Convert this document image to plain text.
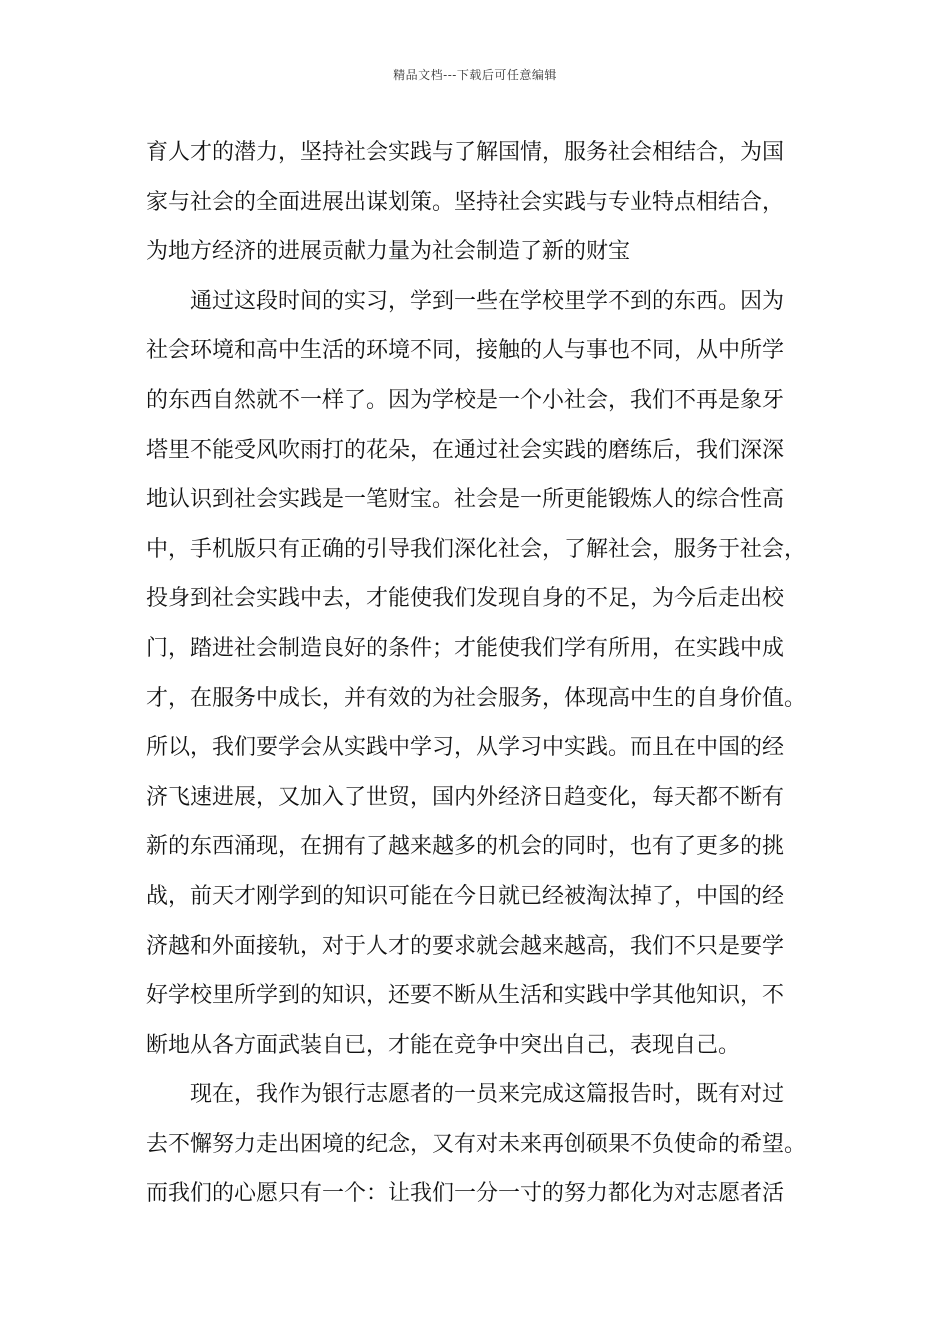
精品文档---下载后可任意编辑
育人才的潜力，坚持社会实践与了解国情，服务社会相结合，为国
家与社会的全面进展出谋划策。坚持社会实践与专业特点相结合，
为地方经济的进展贡献力量为社会制造了新的财宝
通过这段时间的实习，学到一些在学校里学不到的东西。因为
社会环境和高中生活的环境不同，接触的人与事也不同，从中所学
的东西自然就不一样了。因为学校是一个小社会，我们不再是象牙
塔里不能受风吹雨打的花朵，在通过社会实践的磨练后，我们深深
地认识到社会实践是一笔财宝。社会是一所更能锻炼人的综合性高
中，手机版只有正确的引导我们深化社会，了解社会，服务于社会，
投身到社会实践中去，才能使我们发现自身的不足，为今后走出校
门，踏进社会制造良好的条件；才能使我们学有所用，在实践中成
才，在服务中成长，并有效的为社会服务，体现高中生的自身价值。
所以，我们要学会从实践中学习，从学习中实践。而且在中国的经
济飞速进展，又加入了世贸，国内外经济日趋变化，每天都不断有
新的东西涌现，在拥有了越来越多的机会的同时，也有了更多的挑
战，前天才刚学到的知识可能在今日就已经被淘汰掉了，中国的经
济越和外面接轨，对于人才的要求就会越来越高，我们不只是要学
好学校里所学到的知识，还要不断从生活和实践中学其他知识，不
断地从各方面武装自已，才能在竞争中突出自己，表现自己。
现在，我作为银行志愿者的一员来完成这篇报告时，既有对过
去不懈努力走出困境的纪念，又有对未来再创硕果不负使命的希望。
而我们的心愿只有一个：让我们一分一寸的努力都化为对志愿者活
